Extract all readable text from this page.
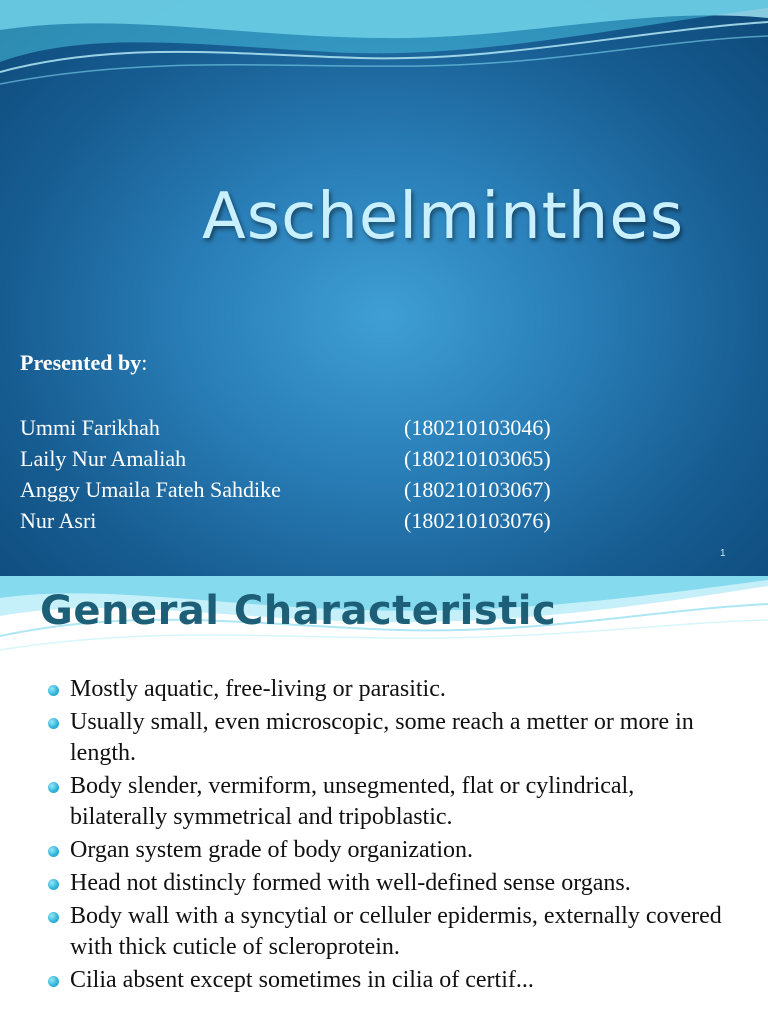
Aschelminthes
Presented by:
Ummi Farikhah	(180210103046)
Laily Nur Amaliah	(180210103065)
Anggy Umaila Fateh Sahdike	(180210103067)
Nur Asri	(180210103076)
1
General Characteristic
Mostly aquatic, free-living or parasitic.
Usually small, even microscopic, some reach a metter or more in length.
Body slender, vermiform, unsegmented, flat or cylindrical, bilaterally symmetrical and tripoblastic.
Organ system grade of body organization.
Head not distincly formed with well-defined sense organs.
Body wall with a syncytial or celluler epidermis, externally covered with thick cuticle of scleroprotein.
Cilia absent except sometimes in cilia of certif...
